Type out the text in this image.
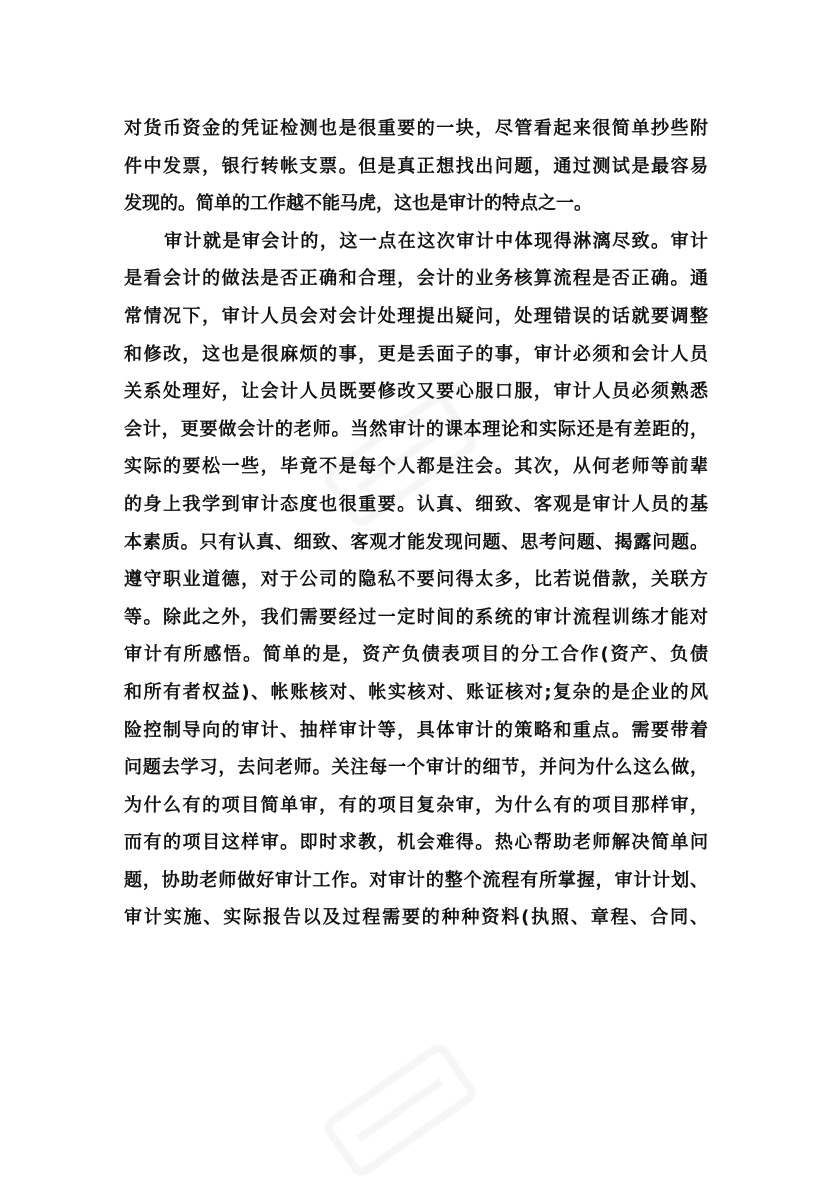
对货币资金的凭证检测也是很重要的一块，尽管看起来很简单抄些附
件中发票，银行转帐支票。但是真正想找出问题，通过测试是最容易
发现的。简单的工作越不能马虎，这也是审计的特点之一。
审计就是审会计的，这一点在这次审计中体现得淋漓尽致。审计
是看会计的做法是否正确和合理，会计的业务核算流程是否正确。通
常情况下，审计人员会对会计处理提出疑问，处理错误的话就要调整
和修改，这也是很麻烦的事，更是丢面子的事，审计必须和会计人员
关系处理好，让会计人员既要修改又要心服口服，审计人员必须熟悉
会计，更要做会计的老师。当然审计的课本理论和实际还是有差距的，
实际的要松一些，毕竟不是每个人都是注会。其次，从何老师等前辈
的身上我学到审计态度也很重要。认真、细致、客观是审计人员的基
本素质。只有认真、细致、客观才能发现问题、思考问题、揭露问题。
遵守职业道德，对于公司的隐私不要问得太多，比若说借款，关联方
等。除此之外，我们需要经过一定时间的系统的审计流程训练才能对
审计有所感悟。简单的是，资产负债表项目的分工合作(资产、负债
和所有者权益)、帐账核对、帐实核对、账证核对;复杂的是企业的风
险控制导向的审计、抽样审计等，具体审计的策略和重点。需要带着
问题去学习，去问老师。关注每一个审计的细节，并问为什么这么做，
为什么有的项目简单审，有的项目复杂审，为什么有的项目那样审，
而有的项目这样审。即时求教，机会难得。热心帮助老师解决简单问
题，协助老师做好审计工作。对审计的整个流程有所掌握，审计计划、
审计实施、实际报告以及过程需要的种种资料(执照、章程、合同、
